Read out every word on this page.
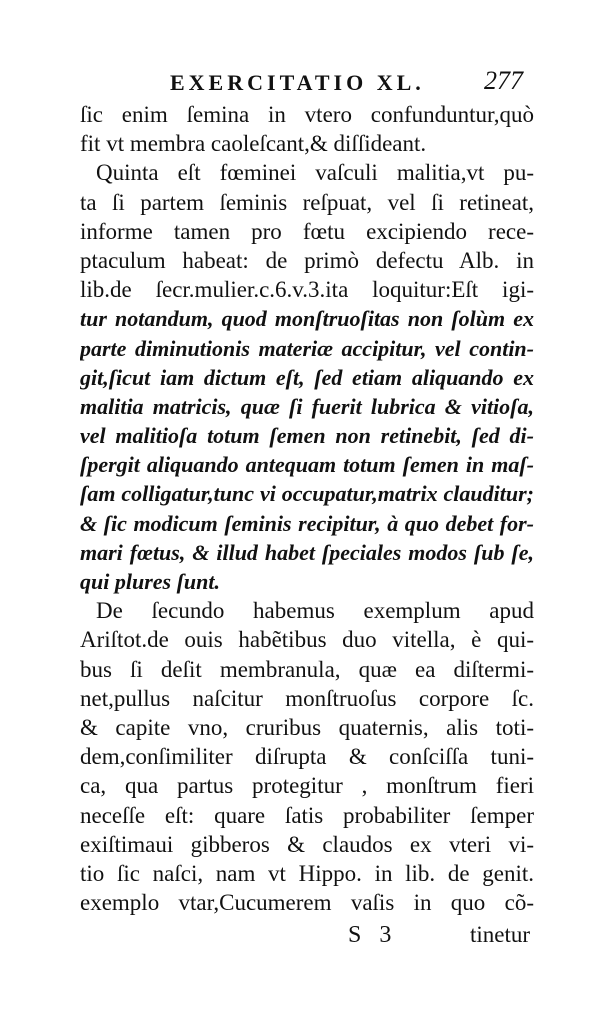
EXERCITATIO XL. 277
ſic enim ſemina in vtero confunduntur,quò
fit vt membra caoleſcant,& diſſideant.
Quinta eſt fœminei vaſculi malitia,vt pu-
ta ſi partem ſeminis reſpuat, vel ſi retineat,
informe tamen pro fœtu excipiendo rece-
ptaculum habeat: de primò defectu Alb. in
lib.de ſecr.mulier.c.6.v.3.ita loquitur:Eſt igi-
tur notandum, quod monſtruoſitas non ſolùm ex
parte diminutionis materiæ accipitur, vel contin-
git,ſicut iam dictum eſt, ſed etiam aliquando ex
malitia matricis, quæ ſi fuerit lubrica & vitioſa,
vel malitioſa totum ſemen non retinebit, ſed di-
ſpergit aliquando antequam totum ſemen in maſ-
ſam colligatur,tunc vi occupatur,matrix clauditur;
& ſic modicum ſeminis recipitur, à quo debet for-
mari fœtus, & illud habet ſpeciales modos ſub ſe,
qui plures ſunt.
De ſecundo habemus exemplum apud
Ariſtot.de ouis habẽtibus duo vitella, è qui-
bus ſi deſit membranula, quæ ea diſtermi-
net,pullus naſcitur monſtruoſus corpore ſc.
& capite vno, cruribus quaternis, alis toti-
dem,conſimiliter diſrupta & conſciſſa tuni-
ca, qua partus protegitur , monſtrum fieri
neceſſe eſt: quare ſatis probabiliter ſemper
exiſtimaui gibberos & claudos ex vteri vi-
tio ſic naſci, nam vt Hippo. in lib. de genit.
exemplo vtar,Cucumerem vaſis in quo cõ-
S 3	tinetur
